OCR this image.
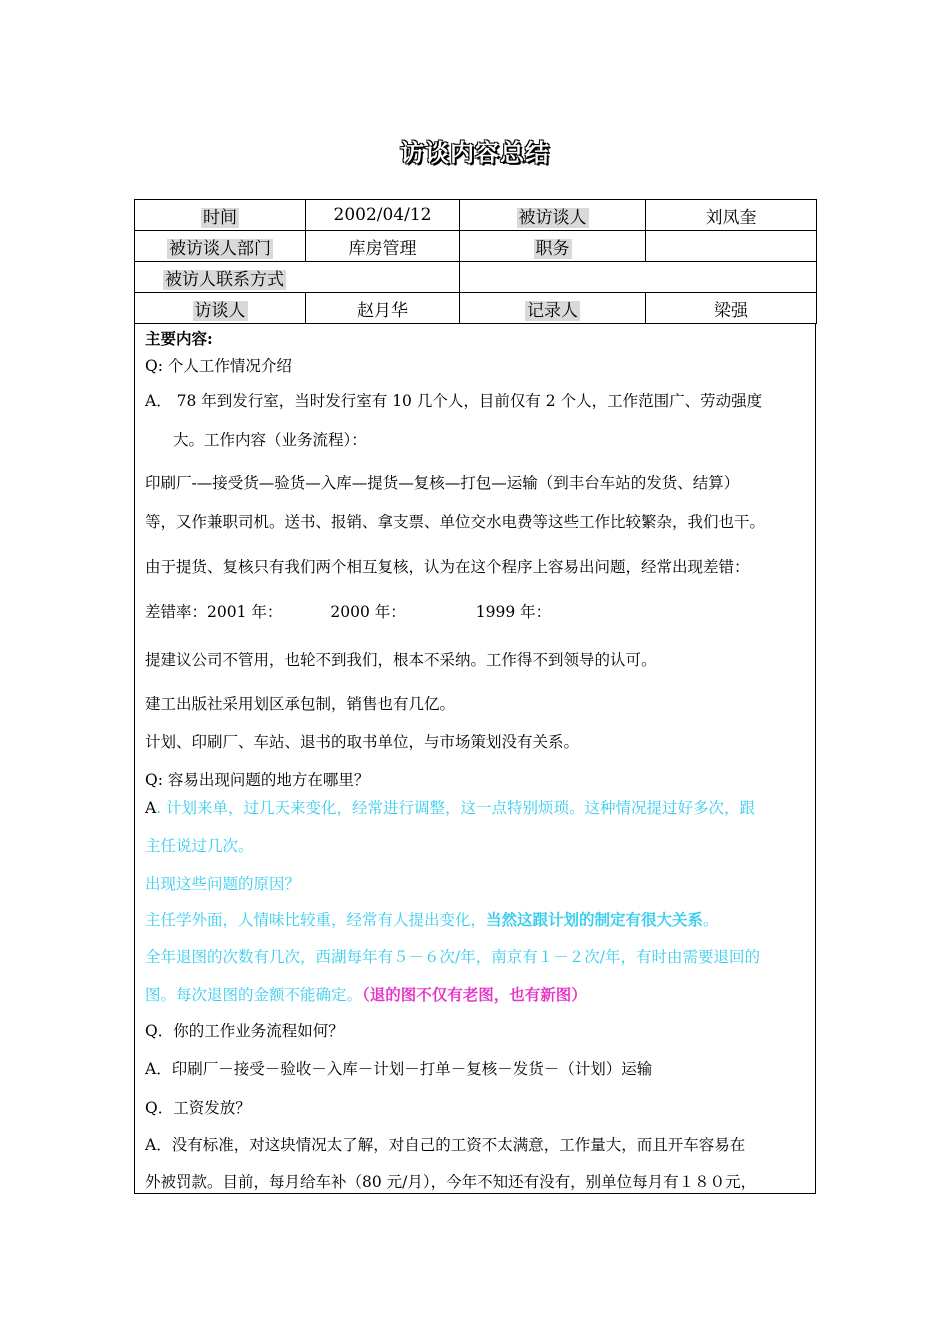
访谈内容总结
时间	2002/04/12	被访谈人	刘凤奎
被访谈人部门	库房管理	职务	
被访人联系方式			
访谈人	赵月华	记录人	梁强
主要内容:
Q: 个人工作情况介绍
A． 78 年到发行室，当时发行室有 10 几个人，目前仅有 2 个人，工作范围广、劳动强度
大。工作内容（业务流程）：
印刷厂-—接受货—验货—入库—提货—复核—打包—运输（到丰台车站的发货、结算）
等，又作兼职司机。送书、报销、拿支票、单位交水电费等这些工作比较繁杂，我们也干。
由于提货、复核只有我们两个相互复核，认为在这个程序上容易出问题，经常出现差错：
差错率：2001 年：	2000 年：	1999 年：
提建议公司不管用，也轮不到我们，根本不采纳。工作得不到领导的认可。
建工出版社采用划区承包制，销售也有几亿。
计划、印刷厂、车站、退书的取书单位，与市场策划没有关系。
Q: 容易出现问题的地方在哪里？
A. 计划来单，过几天来变化，经常进行调整，这一点特别烦琐。这种情况提过好多次，跟
主任说过几次。
出现这些问题的原因？
主任学外面，人情味比较重，经常有人提出变化，当然这跟计划的制定有很大关系。
全年退图的次数有几次，西湖每年有５－６次/年，南京有１－２次/年，有时由需要退回的
图。每次退图的金额不能确定。（退的图不仅有老图，也有新图）
Q．你的工作业务流程如何？
A．印刷厂－接受－验收－入库－计划－打单－复核－发货－（计划）运输
Q．工资发放？
A．没有标准，对这块情况太了解，对自己的工资不太满意，工作量大，而且开车容易在
外被罚款。目前，每月给车补（80 元/月），今年不知还有没有，别单位每月有１８０元，
